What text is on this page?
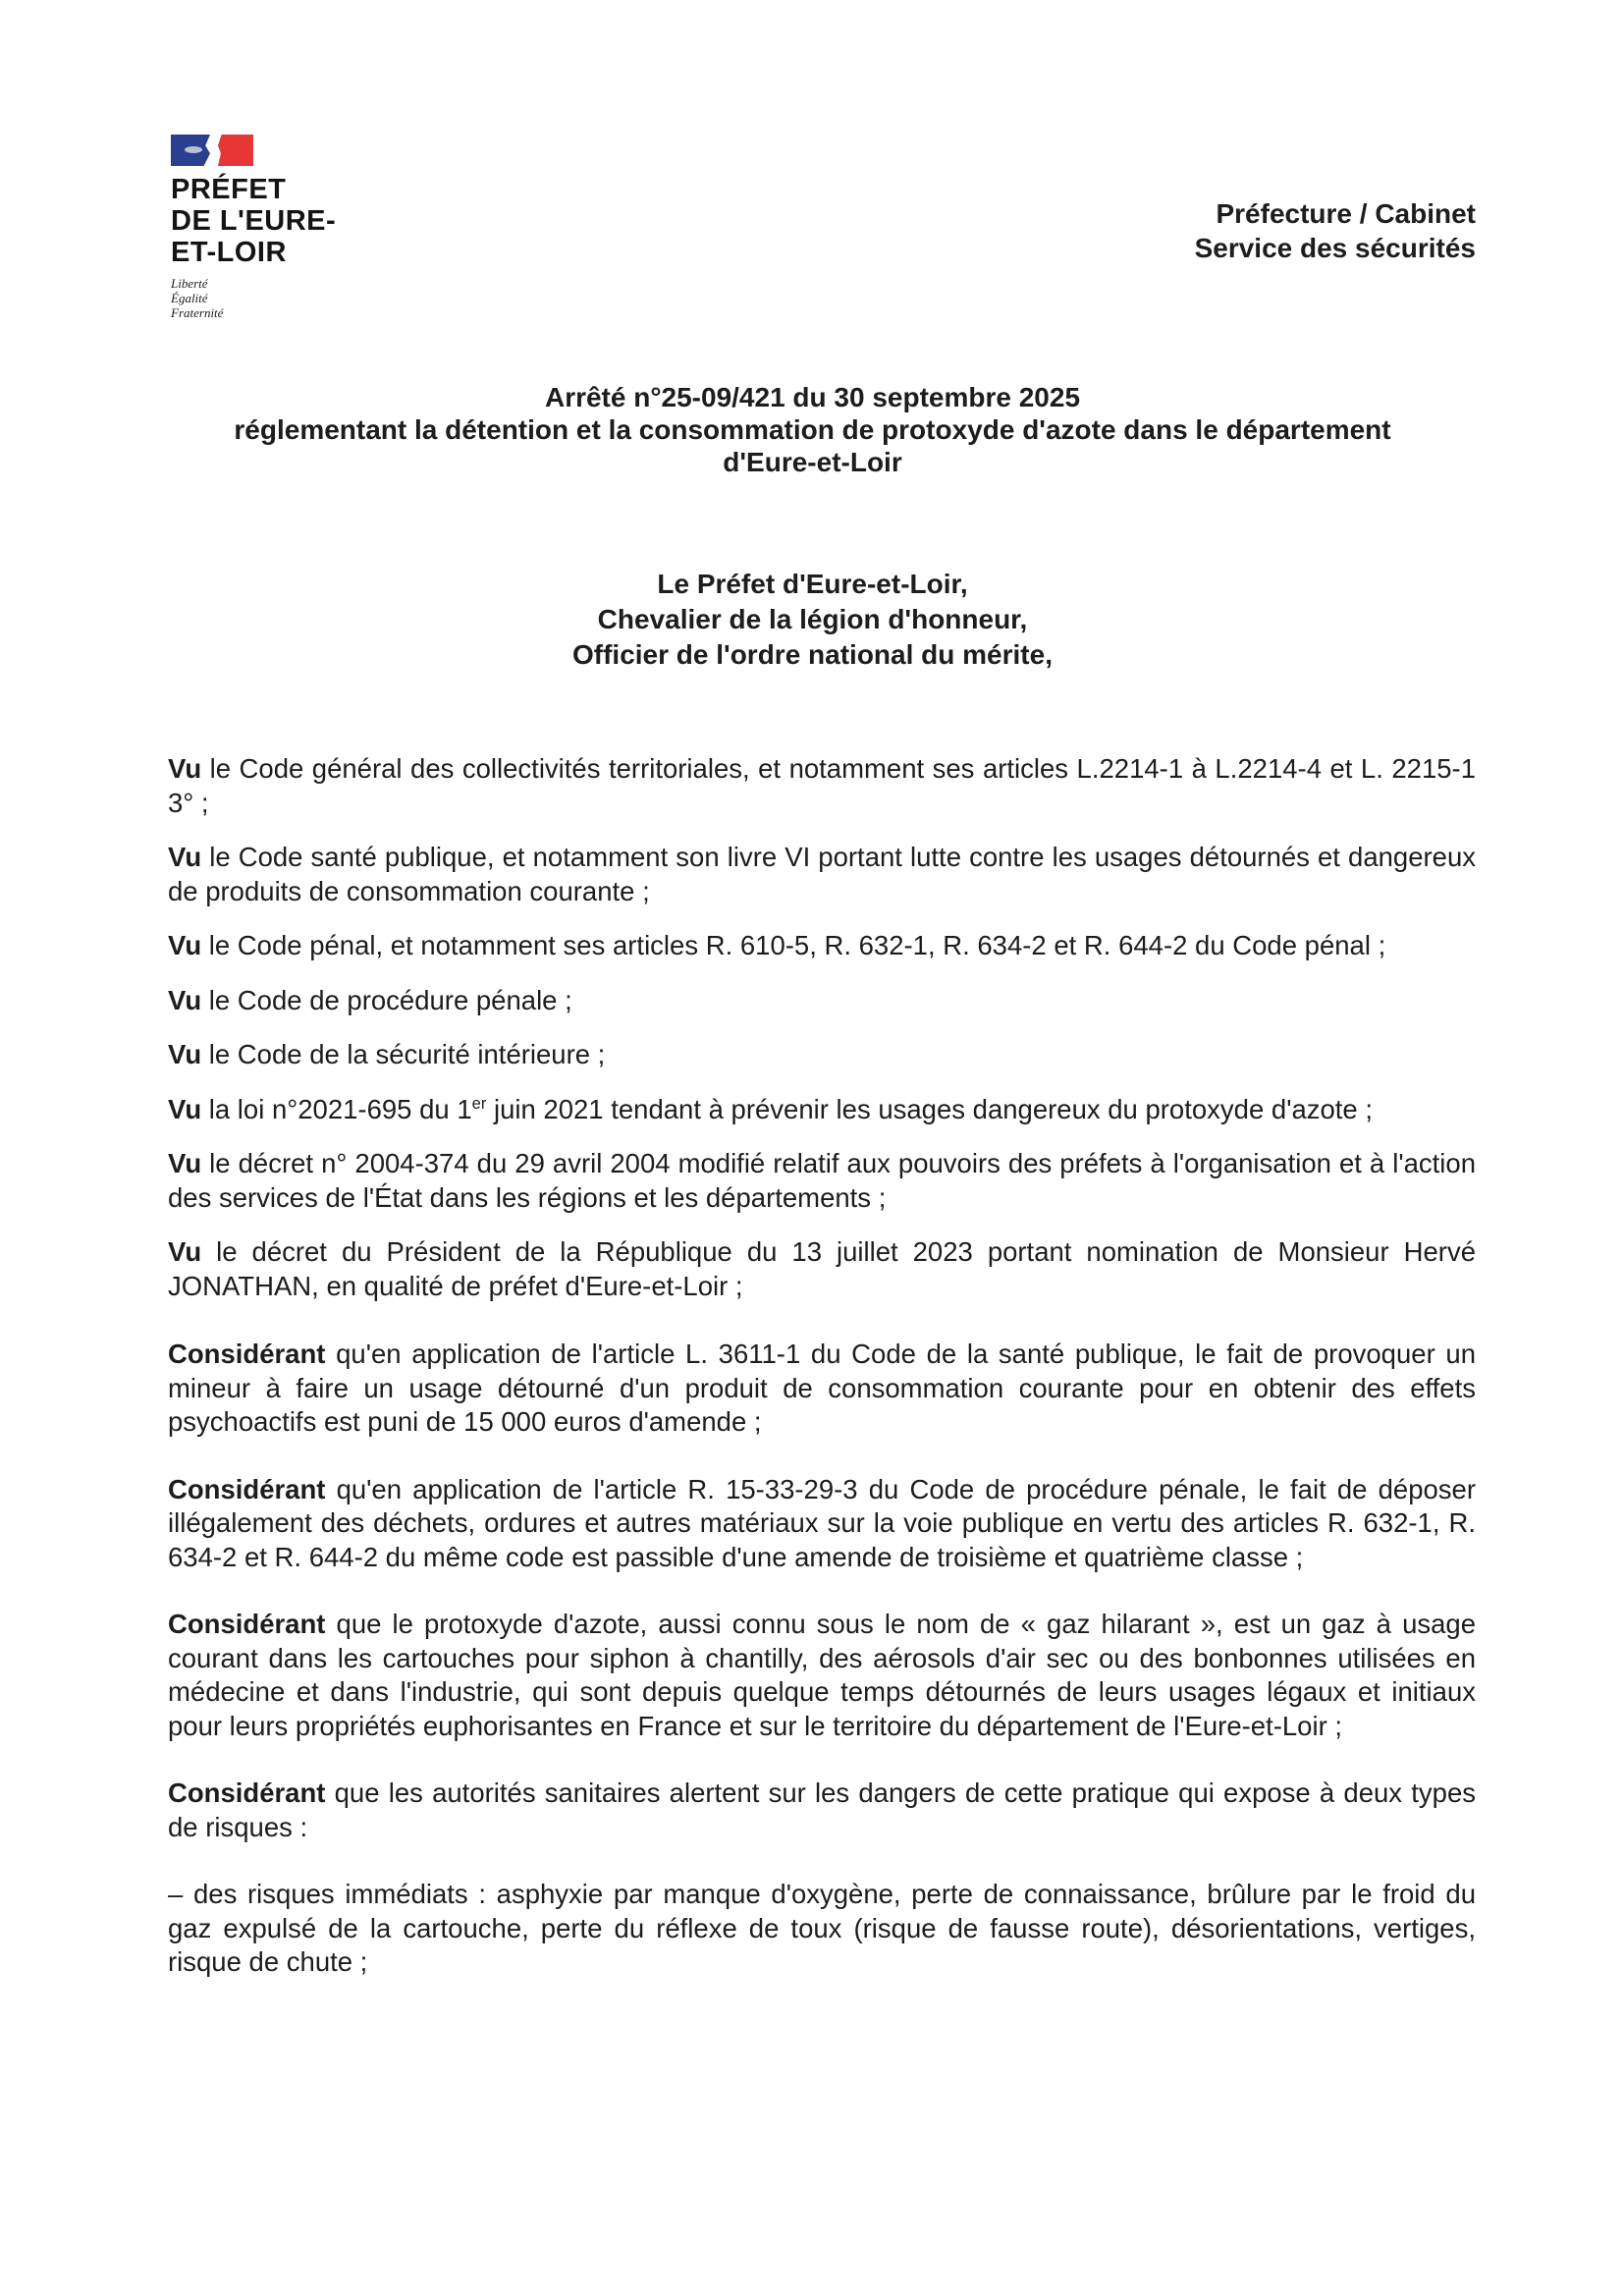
PRÉFET
DE L'EURE-
ET-LOIR
Liberté
Égalité
Fraternité
Préfecture / Cabinet
Service des sécurités
Arrêté n°25-09/421 du 30 septembre 2025
réglementant la détention et la consommation de protoxyde d'azote dans le département
d'Eure-et-Loir
Le Préfet d'Eure-et-Loir,
Chevalier de la légion d'honneur,
Officier de l'ordre national du mérite,

Vu le Code général des collectivités territoriales, et notamment ses articles L.2214-1 à L.2214-4 et L. 2215-1 3° ;

Vu le Code santé publique, et notamment son livre VI portant lutte contre les usages détournés et dangereux de produits de consommation courante ;

Vu le Code pénal, et notamment ses articles R. 610-5, R. 632-1, R. 634-2 et R. 644-2 du Code pénal ;

Vu le Code de procédure pénale ;

Vu le Code de la sécurité intérieure ;

Vu la loi n°2021-695 du 1er juin 2021 tendant à prévenir les usages dangereux du protoxyde d'azote ;

Vu le décret n° 2004-374 du 29 avril 2004 modifié relatif aux pouvoirs des préfets à l'organisation et à l'action des services de l'État dans les régions et les départements ;

Vu le décret du Président de la République du 13 juillet 2023 portant nomination de Monsieur Hervé JONATHAN, en qualité de préfet d'Eure-et-Loir ;

Considérant qu'en application de l'article L. 3611-1 du Code de la santé publique, le fait de provoquer un mineur à faire un usage détourné d'un produit de consommation courante pour en obtenir des effets psychoactifs est puni de 15 000 euros d'amende ;

Considérant qu'en application de l'article R. 15-33-29-3 du Code de procédure pénale, le fait de déposer illégalement des déchets, ordures et autres matériaux sur la voie publique en vertu des articles R. 632-1, R. 634-2 et R. 644-2 du même code est passible d'une amende de troisième et quatrième classe ;

Considérant que le protoxyde d'azote, aussi connu sous le nom de « gaz hilarant », est un gaz à usage courant dans les cartouches pour siphon à chantilly, des aérosols d'air sec ou des bonbonnes utilisées en médecine et dans l'industrie, qui sont depuis quelque temps détournés de leurs usages légaux et initiaux pour leurs propriétés euphorisantes en France et sur le territoire du département de l'Eure-et-Loir ;

Considérant que les autorités sanitaires alertent sur les dangers de cette pratique qui expose à deux types de risques :

– des risques immédiats : asphyxie par manque d'oxygène, perte de connaissance, brûlure par le froid du gaz expulsé de la cartouche, perte du réflexe de toux (risque de fausse route), désorientations, vertiges, risque de chute ;
